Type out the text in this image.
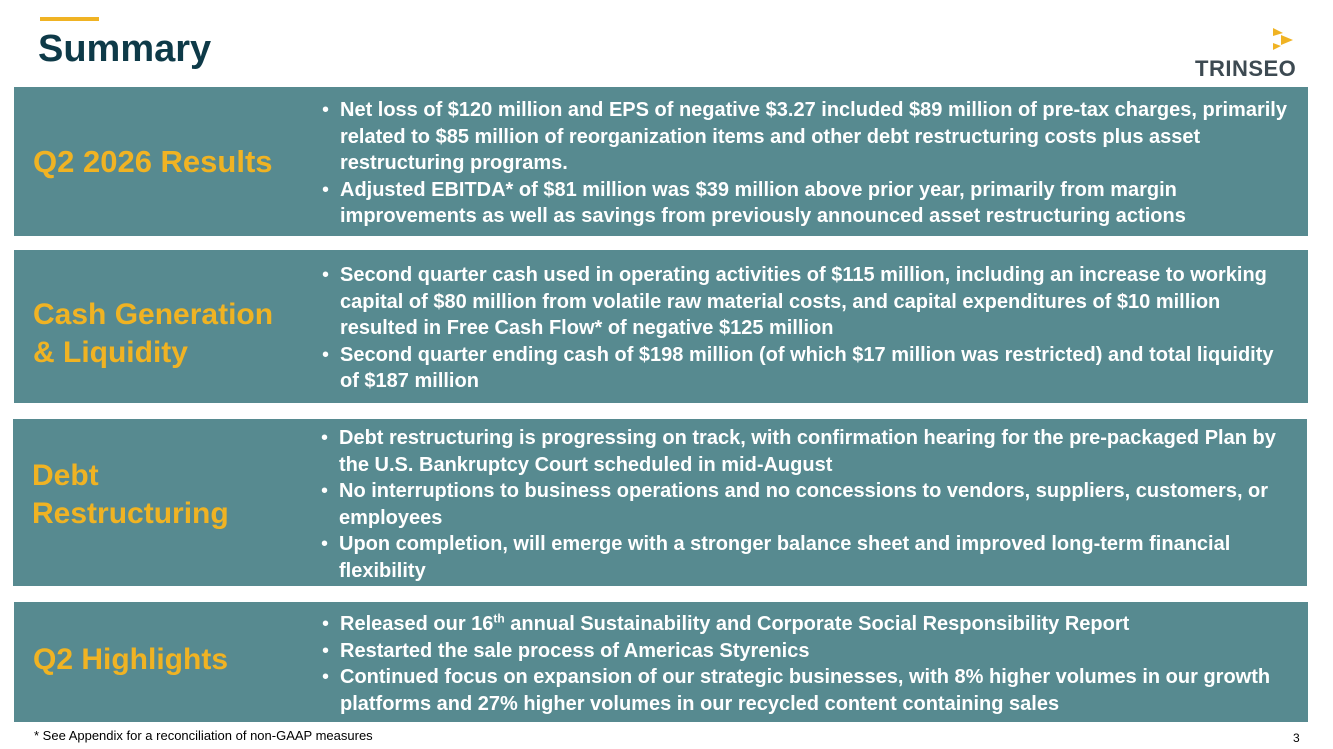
Summary	TRINSEO
Q2 2026 Results
• Net loss of $120 million and EPS of negative $3.27 included $89 million of pre-tax charges, primarily related to $85 million of reorganization items and other debt restructuring costs plus asset restructuring programs.
• Adjusted EBITDA* of $81 million was $39 million above prior year, primarily from margin improvements as well as savings from previously announced asset restructuring actions
Cash Generation & Liquidity
• Second quarter cash used in operating activities of $115 million, including an increase to working capital of $80 million from volatile raw material costs, and capital expenditures of $10 million resulted in Free Cash Flow* of negative $125 million
• Second quarter ending cash of $198 million (of which $17 million was restricted) and total liquidity of $187 million
Debt Restructuring
• Debt restructuring is progressing on track, with confirmation hearing for the pre-packaged Plan by the U.S. Bankruptcy Court scheduled in mid-August
• No interruptions to business operations and no concessions to vendors, suppliers, customers, or employees
• Upon completion, will emerge with a stronger balance sheet and improved long-term financial flexibility
Q2 Highlights
• Released our 16th annual Sustainability and Corporate Social Responsibility Report
• Restarted the sale process of Americas Styrenics
• Continued focus on expansion of our strategic businesses, with 8% higher volumes in our growth platforms and 27% higher volumes in our recycled content containing sales
* See Appendix for a reconciliation of non-GAAP measures	3
